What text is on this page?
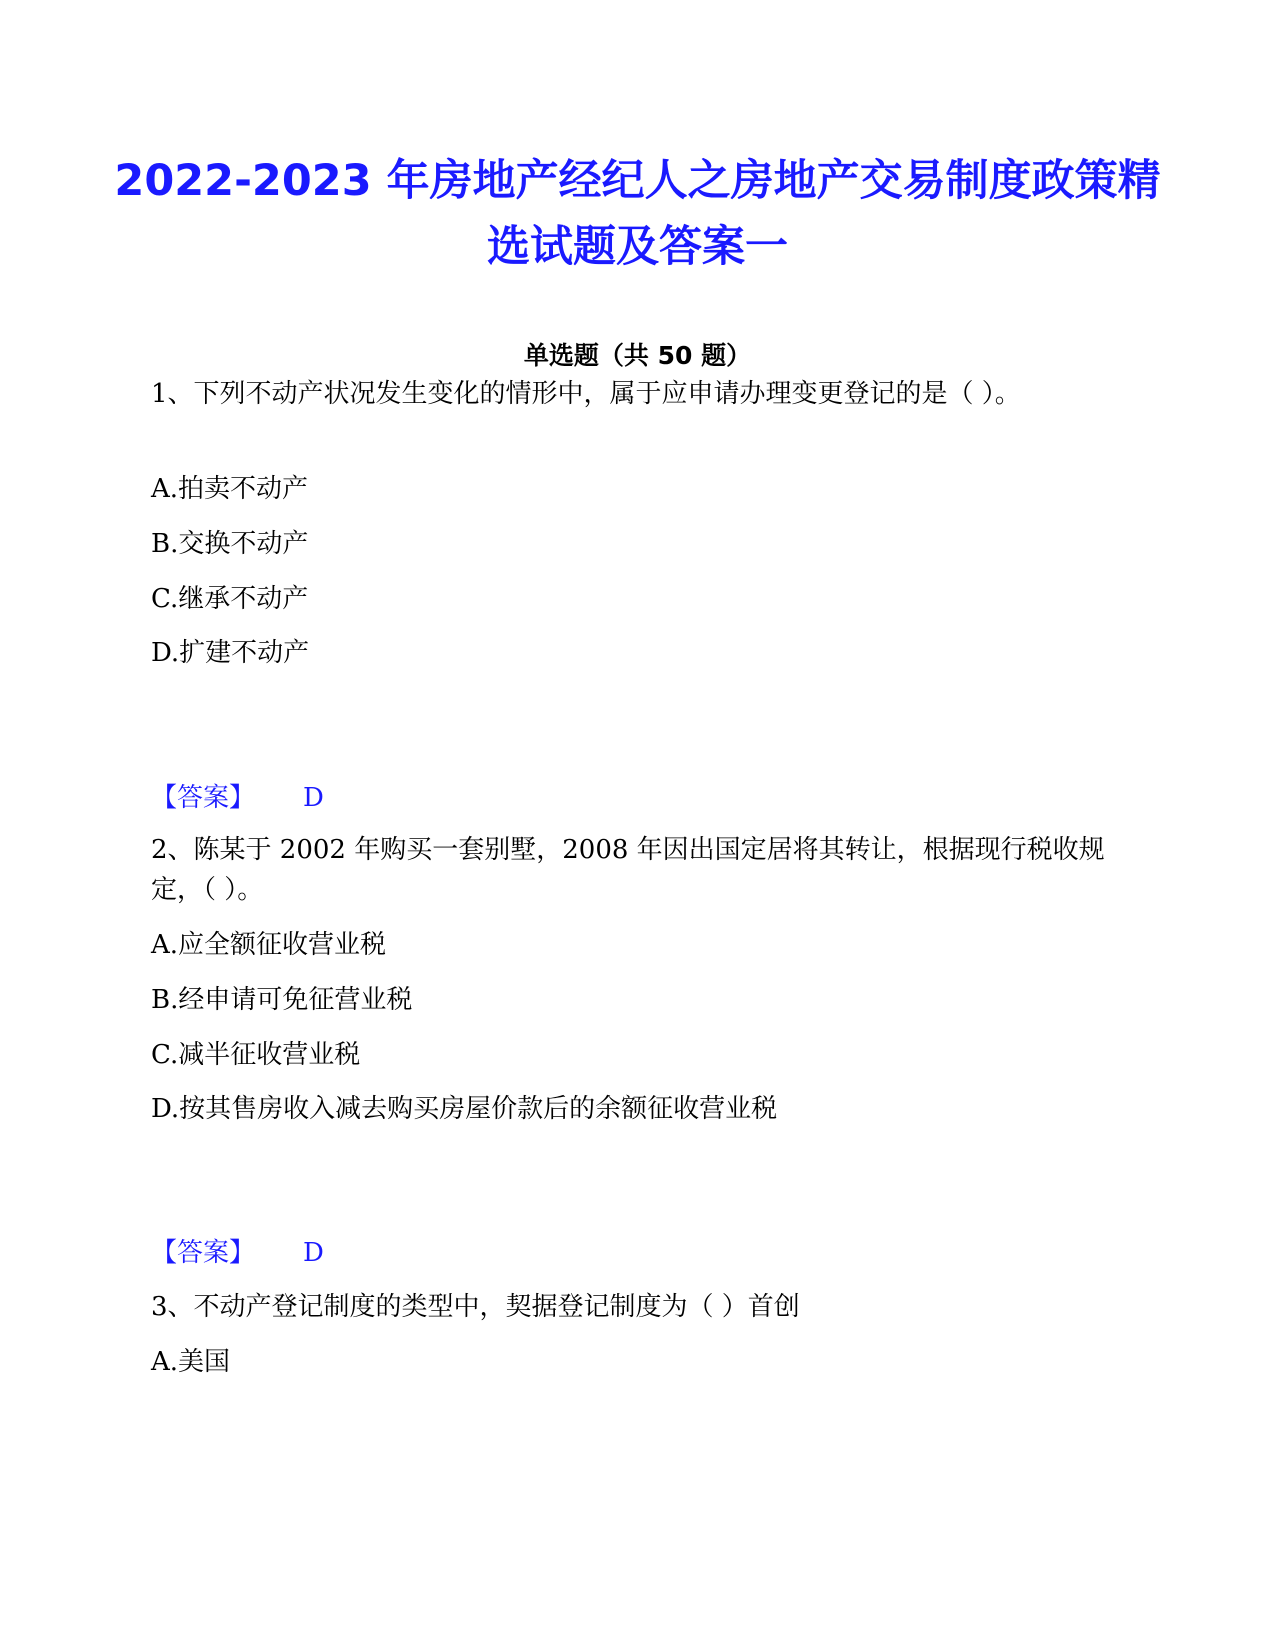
2022-2023 年房地产经纪人之房地产交易制度政策精选试题及答案一
单选题（共 50 题）
1、下列不动产状况发生变化的情形中，属于应申请办理变更登记的是（ ）。
A.拍卖不动产
B.交换不动产
C.继承不动产
D.扩建不动产
【答案】 D
2、陈某于 2002 年购买一套别墅，2008 年因出国定居将其转让，根据现行税收规定，（ ）。
A.应全额征收营业税
B.经申请可免征营业税
C.减半征收营业税
D.按其售房收入减去购买房屋价款后的余额征收营业税
【答案】 D
3、不动产登记制度的类型中，契据登记制度为（ ）首创
A.美国
